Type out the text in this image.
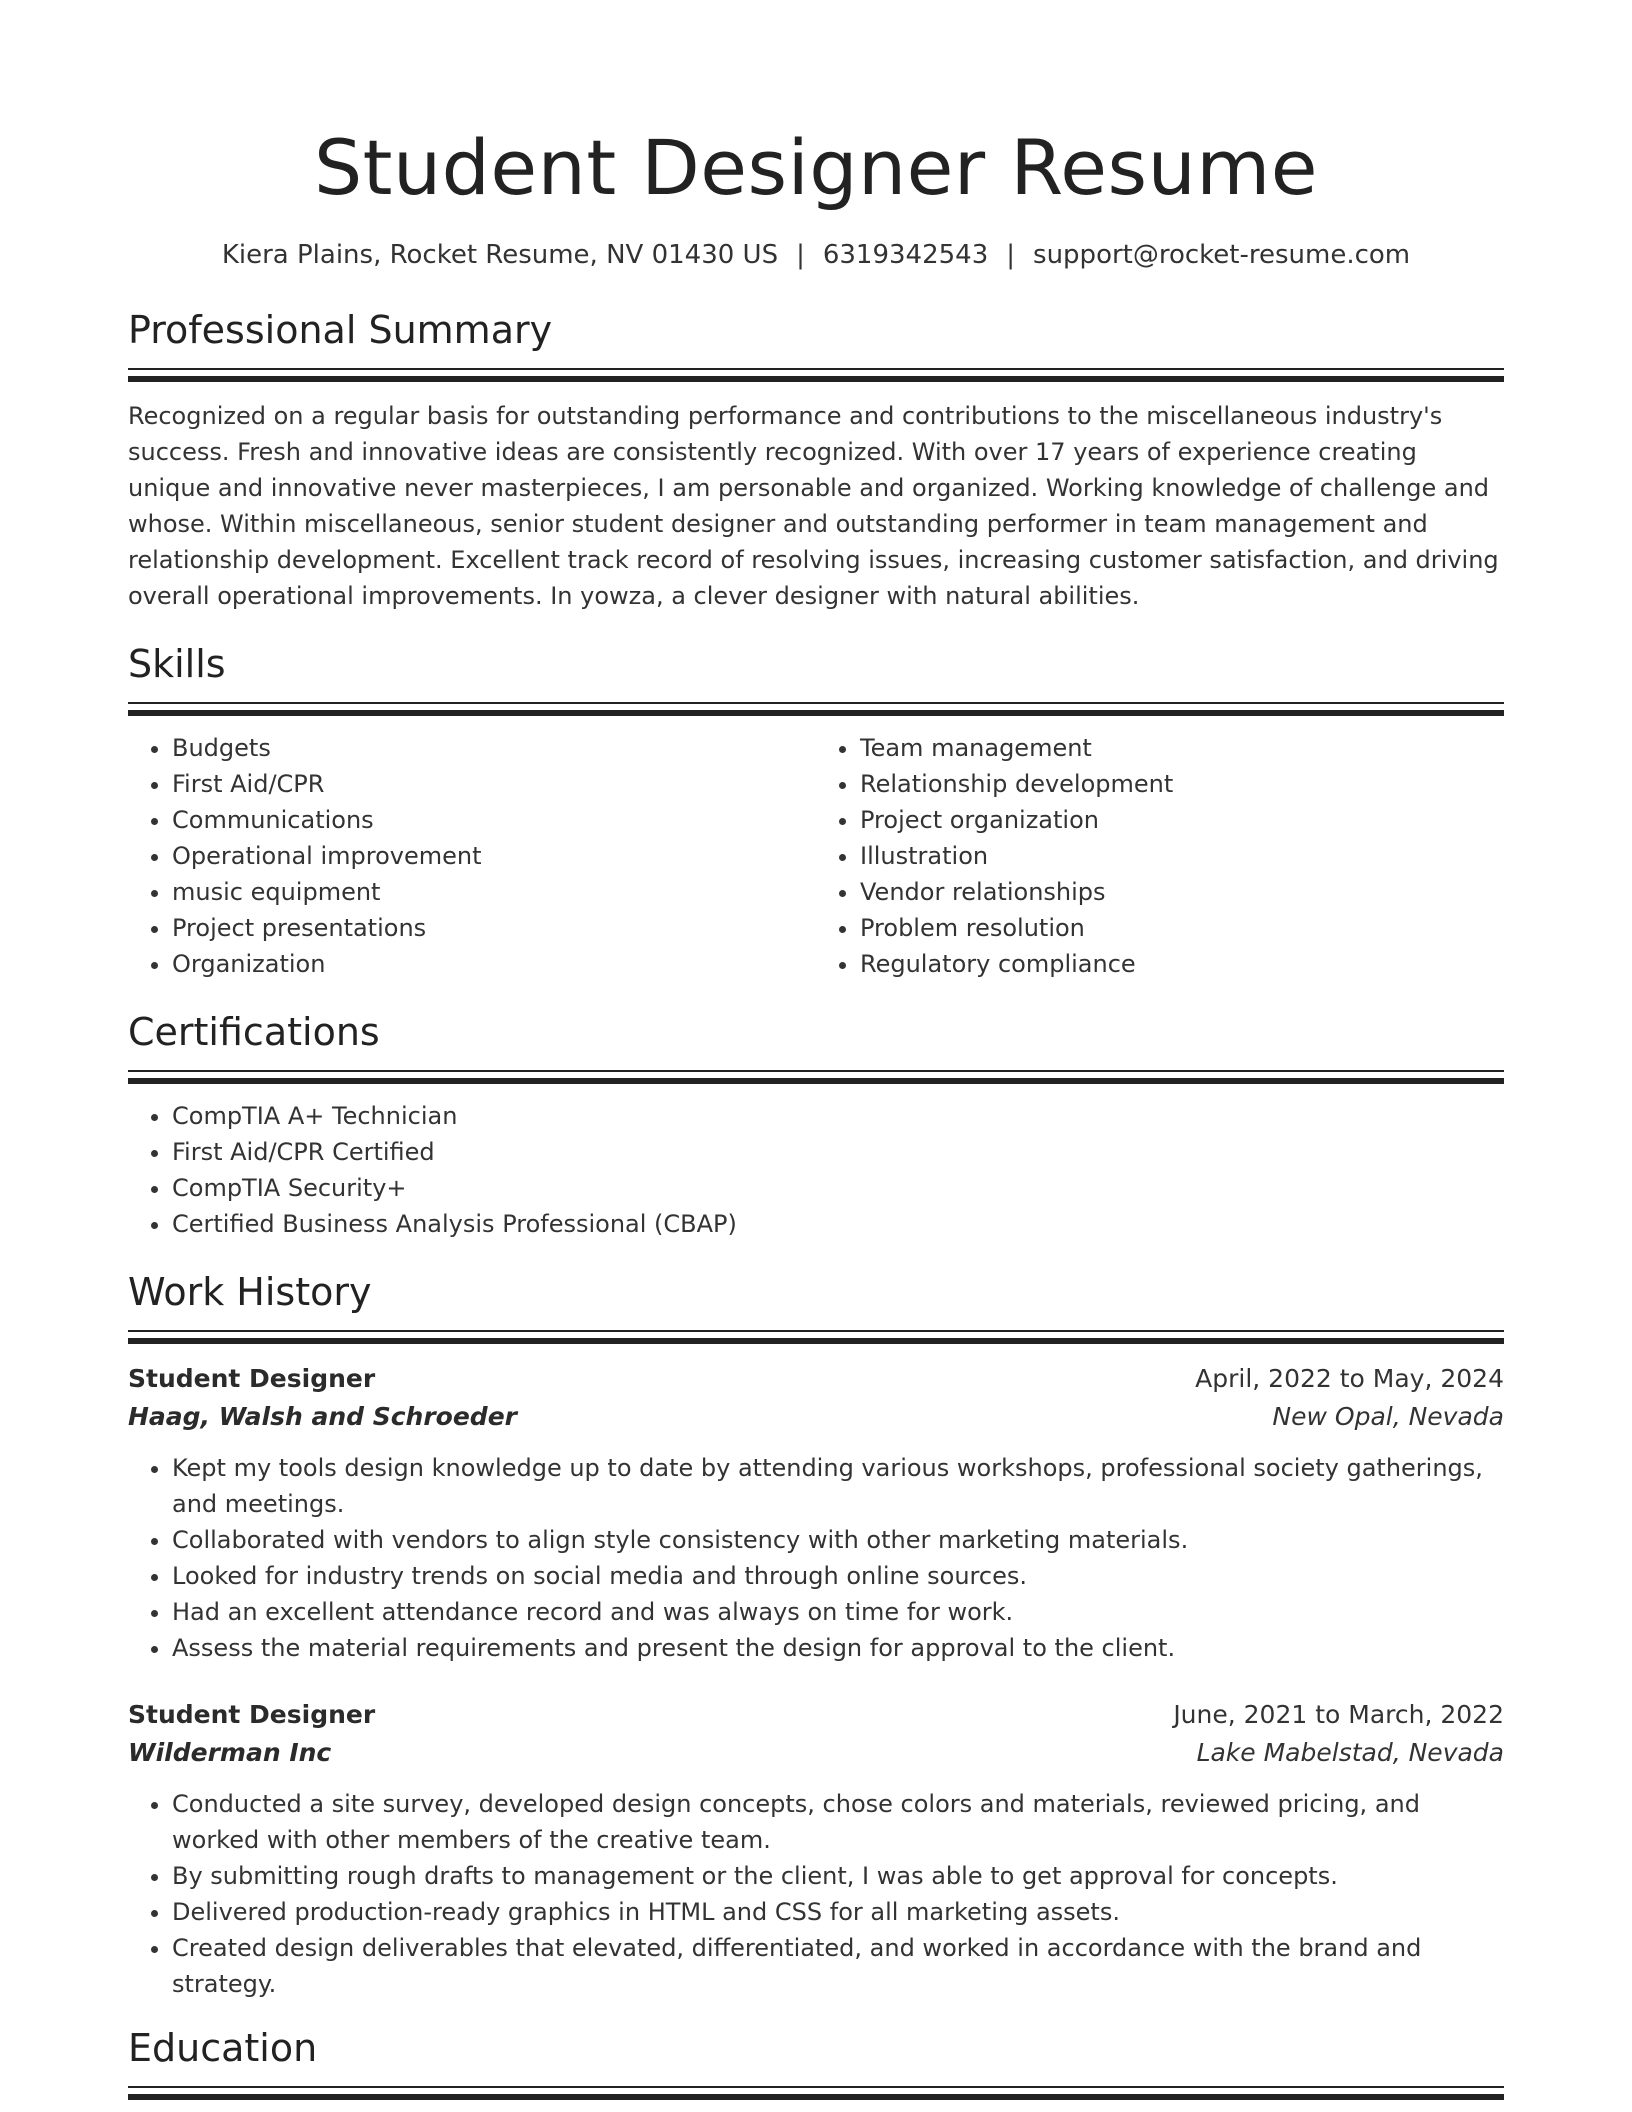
Student Designer Resume
Kiera Plains, Rocket Resume, NV 01430 US | 6319342543 | support@rocket-resume.com
Professional Summary

Recognized on a regular basis for outstanding performance and contributions to the miscellaneous industry's success. Fresh and innovative ideas are consistently recognized. With over 17 years of experience creating unique and innovative never masterpieces, I am personable and organized. Working knowledge of challenge and whose. Within miscellaneous, senior student designer and outstanding performer in team management and relationship development. Excellent track record of resolving issues, increasing customer satisfaction, and driving overall operational improvements. In yowza, a clever designer with natural abilities.

Skills
• Budgets
• First Aid/CPR
• Communications
• Operational improvement
• music equipment
• Project presentations
• Organization
• Team management
• Relationship development
• Project organization
• Illustration
• Vendor relationships
• Problem resolution
• Regulatory compliance
Certifications
• CompTIA A+ Technician
• First Aid/CPR Certified
• CompTIA Security+
• Certified Business Analysis Professional (CBAP)
Work History
Student Designer	April, 2022 to May, 2024
Haag, Walsh and Schroeder	New Opal, Nevada
• Kept my tools design knowledge up to date by attending various workshops, professional society gatherings, and meetings.
• Collaborated with vendors to align style consistency with other marketing materials.
• Looked for industry trends on social media and through online sources.
• Had an excellent attendance record and was always on time for work.
• Assess the material requirements and present the design for approval to the client.
Student Designer	June, 2021 to March, 2022
Wilderman Inc	Lake Mabelstad, Nevada
• Conducted a site survey, developed design concepts, chose colors and materials, reviewed pricing, and worked with other members of the creative team.
• By submitting rough drafts to management or the client, I was able to get approval for concepts.
• Delivered production-ready graphics in HTML and CSS for all marketing assets.
• Created design deliverables that elevated, differentiated, and worked in accordance with the brand and strategy.
Education
